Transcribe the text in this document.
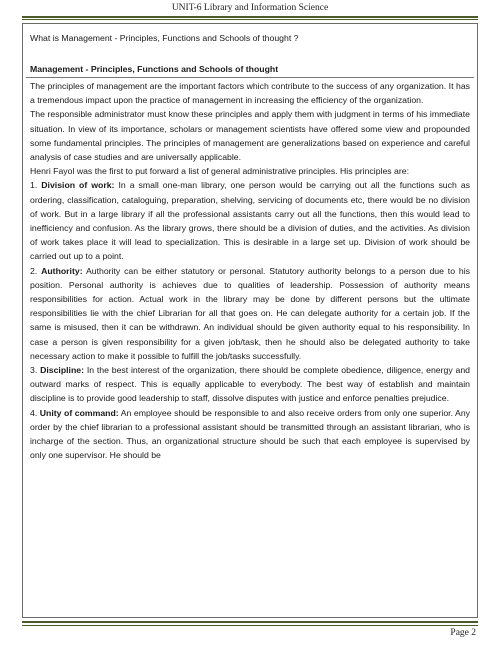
UNIT-6 Library and Information Science
What is Management - Principles, Functions and Schools of thought ?
Management - Principles, Functions and Schools of thought

The principles of management are the important factors which contribute to the success of any organization. It has a tremendous impact upon the practice of management in increasing the efficiency of the organization.

The responsible administrator must know these principles and apply them with judgment in terms of his immediate situation. In view of its importance, scholars or management scientists have offered some view and propounded some fundamental principles. The principles of management are generalizations based on experience and careful analysis of case studies and are universally applicable.

Henri Fayol was the first to put forward a list of general administrative principles. His principles are:

1. Division of work: In a small one-man library, one person would be carrying out all the functions such as ordering, classification, cataloguing, preparation, shelving, servicing of documents etc, there would be no division of work. But in a large library if all the professional assistants carry out all the functions, then this would lead to inefficiency and confusion. As the library grows, there should be a division of duties, and the activities. As division of work takes place it will lead to specialization. This is desirable in a large set up. Division of work should be carried out up to a point.

2. Authority: Authority can be either statutory or personal. Statutory authority belongs to a person due to his position. Personal authority is achieves due to qualities of leadership. Possession of authority means responsibilities for action. Actual work in the library may be done by different persons but the ultimate responsibilities lie with the chief Librarian for all that goes on. He can delegate authority for a certain job. If the same is misused, then it can be withdrawn. An individual should be given authority equal to his responsibility. In case a person is given responsibility for a given job/task, then he should also be delegated authority to take necessary action to make it possible to fulfill the job/tasks successfully.

3. Discipline: In the best interest of the organization, there should be complete obedience, diligence, energy and outward marks of respect. This is equally applicable to everybody. The best way of establish and maintain discipline is to provide good leadership to staff, dissolve disputes with justice and enforce penalties prejudice.

4. Unity of command: An employee should be responsible to and also receive orders from only one superior. Any order by the chief librarian to a professional assistant should be transmitted through an assistant librarian, who is incharge of the section. Thus, an organizational structure should be such that each employee is supervised by only one supervisor. He should be

Page 2
